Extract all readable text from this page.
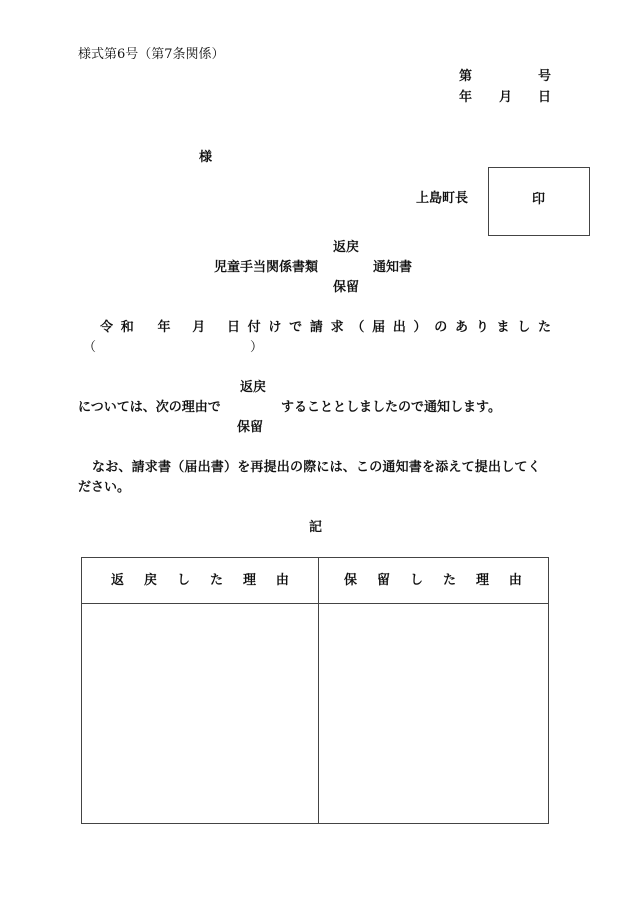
様式第6号（第7条関係）
第	号
年 月 日
様
上島町長	印
返戻
児童手当関係書類	通知書
保留
令 和 年 月 日 付 け で 請 求 （ 届 出 ） の あ り ま し た
（	）
返戻
については、次の理由で	することとしましたので通知します。
保留
なお、請求書（届出書）を再提出の際には、この通知書を添えて提出してく
ださい。
記
返 戻 し た 理 由	保 留 し た 理 由
